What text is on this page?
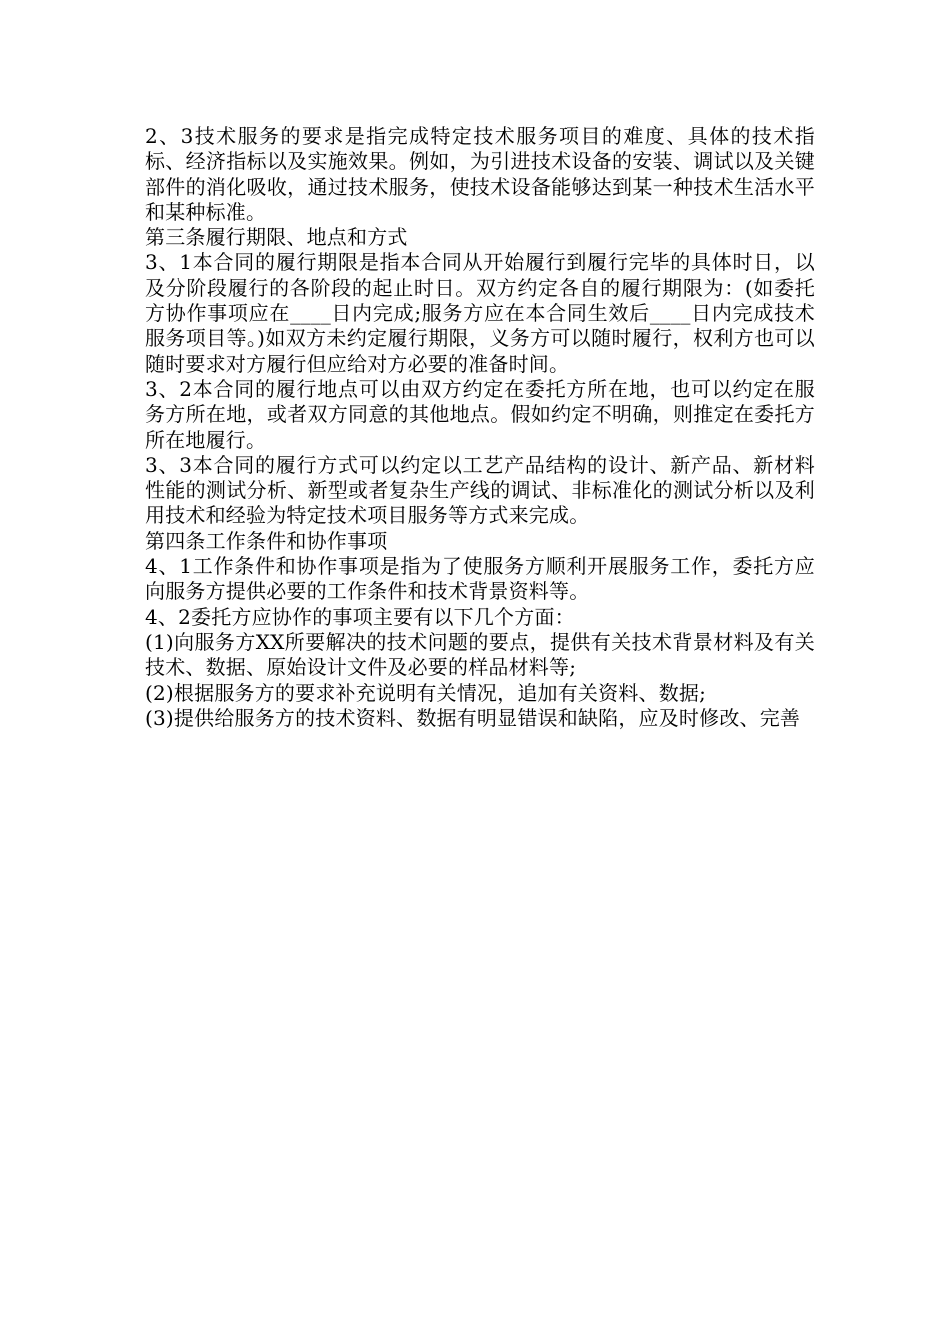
2、3技术服务的要求是指完成特定技术服务项目的难度、具体的技术指标、经济指标以及实施效果。例如，为引进技术设备的安装、调试以及关键部件的消化吸收，通过技术服务，使技术设备能够达到某一种技术生活水平和某种标准。

第三条履行期限、地点和方式

3、1本合同的履行期限是指本合同从开始履行到履行完毕的具体时日，以及分阶段履行的各阶段的起止时日。双方约定各自的履行期限为：(如委托方协作事项应在____日内完成;服务方应在本合同生效后____日内完成技术服务项目等。)如双方未约定履行期限，义务方可以随时履行，权利方也可以随时要求对方履行但应给对方必要的准备时间。

3、2本合同的履行地点可以由双方约定在委托方所在地，也可以约定在服务方所在地，或者双方同意的其他地点。假如约定不明确，则推定在委托方所在地履行。

3、3本合同的履行方式可以约定以工艺产品结构的设计、新产品、新材料性能的测试分析、新型或者复杂生产线的调试、非标准化的测试分析以及利用技术和经验为特定技术项目服务等方式来完成。

第四条工作条件和协作事项

4、1工作条件和协作事项是指为了使服务方顺利开展服务工作，委托方应向服务方提供必要的工作条件和技术背景资料等。

4、2委托方应协作的事项主要有以下几个方面：

(1)向服务方XX所要解决的技术问题的要点，提供有关技术背景材料及有关技术、数据、原始设计文件及必要的样品材料等;

(2)根据服务方的要求补充说明有关情况，追加有关资料、数据;

(3)提供给服务方的技术资料、数据有明显错误和缺陷，应及时修改、完善
